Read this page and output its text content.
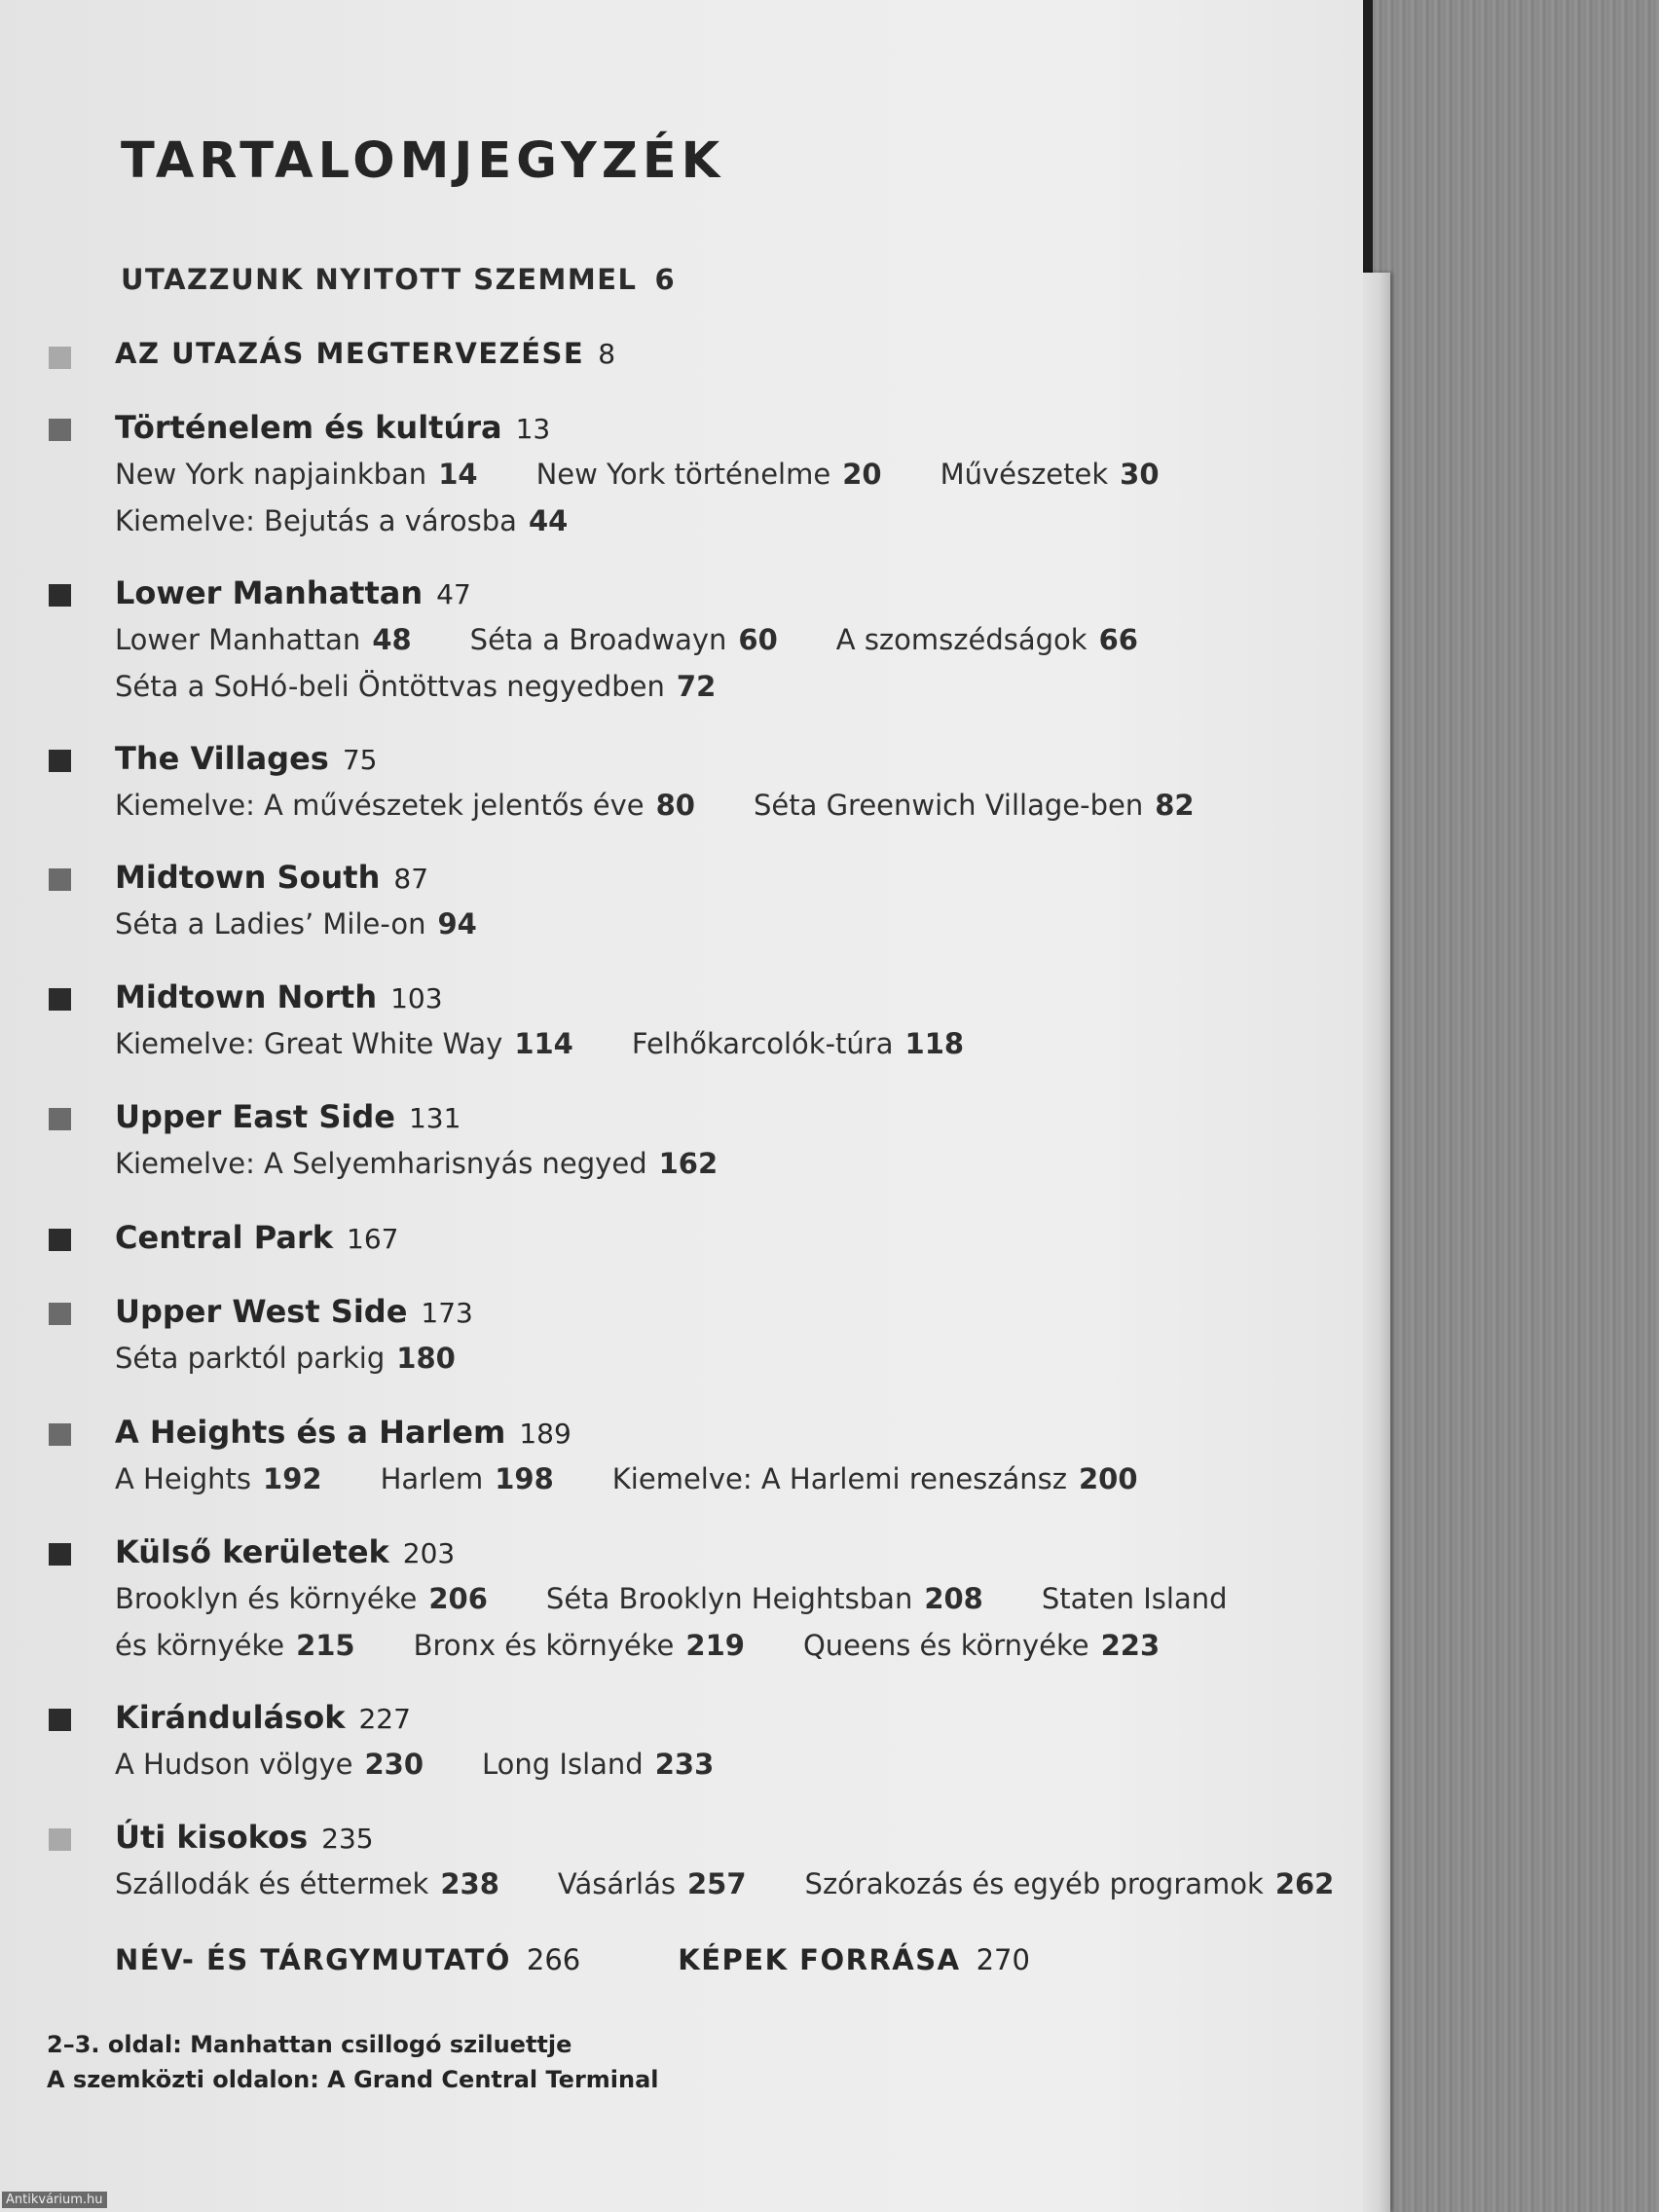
TARTALOMJEGYZÉK

UTAZZUNK NYITOTT SZEMMEL 6

AZ UTAZÁS MEGTERVEZÉSE 8

Történelem és kultúra 13

New York napjainkban 14 New York történelme 20 Művészetek 30

Kiemelve: Bejutás a városba 44

Lower Manhattan 47

Lower Manhattan 48 Séta a Broadwayn 60 A szomszédságok 66

Séta a SoHó-beli Öntöttvas negyedben 72

The Villages 75

Kiemelve: A művészetek jelentős éve 80 Séta Greenwich Village-ben 82

Midtown South 87

Séta a Ladies’ Mile-on 94

Midtown North 103

Kiemelve: Great White Way 114 Felhőkarcolók-túra 118

Upper East Side 131

Kiemelve: A Selyemharisnyás negyed 162

Central Park 167

Upper West Side 173

Séta parktól parkig 180

A Heights és a Harlem 189

A Heights 192 Harlem 198 Kiemelve: A Harlemi reneszánsz 200

Külső kerületek 203

Brooklyn és környéke 206 Séta Brooklyn Heightsban 208 Staten Island

és környéke 215 Bronx és környéke 219 Queens és környéke 223

Kirándulások 227

A Hudson völgye 230 Long Island 233

Úti kisokos 235

Szállodák és éttermek 238 Vásárlás 257 Szórakozás és egyéb programok 262

NÉV- ÉS TÁRGYMUTATÓ 266	KÉPEK FORRÁSA 270

2–3. oldal: Manhattan csillogó sziluettje

A szemközti oldalon: A Grand Central Terminal

Antikvárium.hu
